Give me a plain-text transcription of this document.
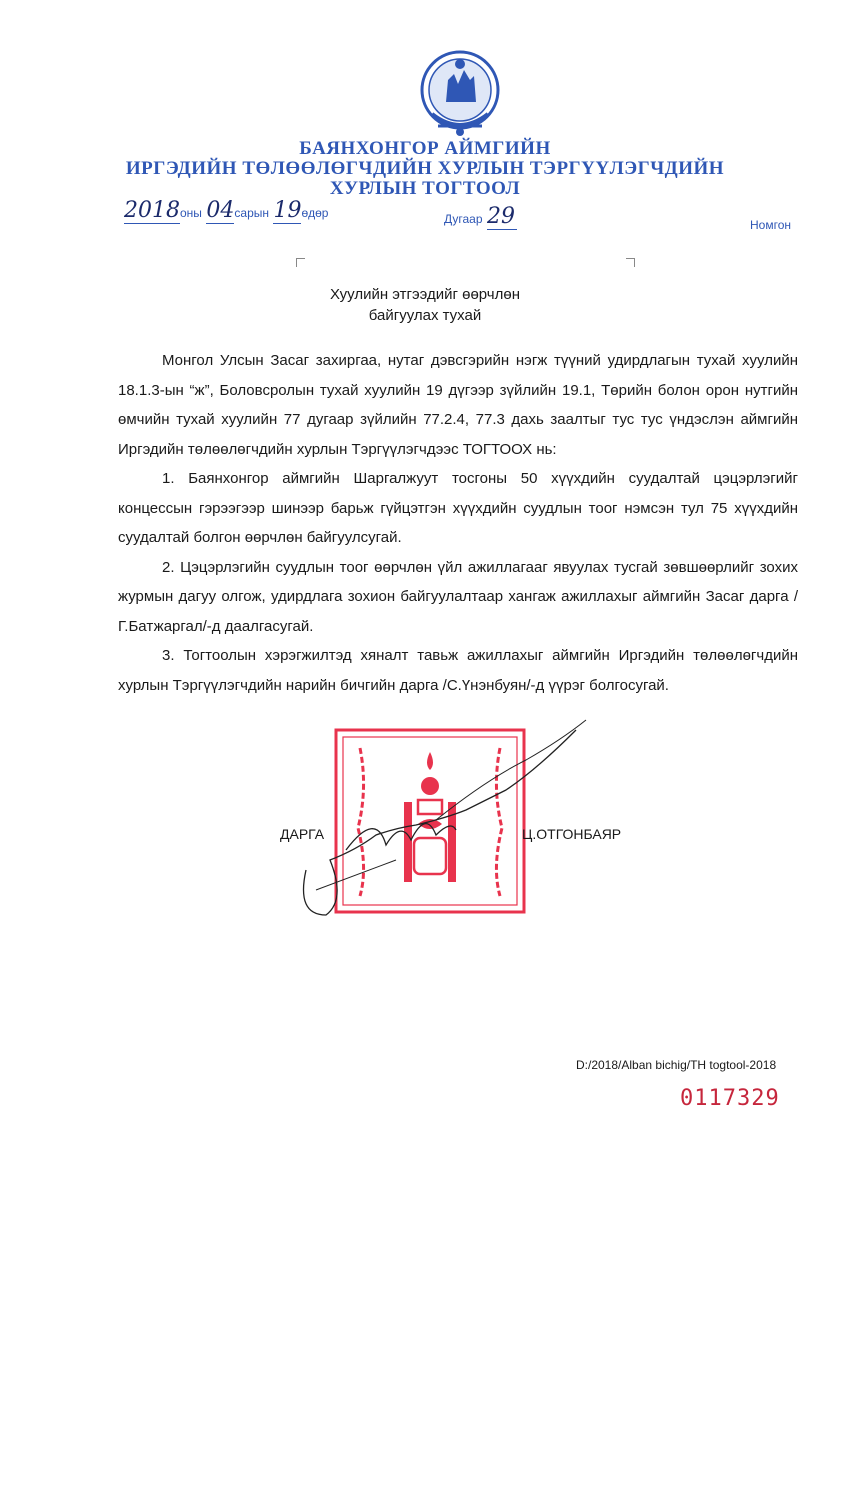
БАЯНХОНГОР АЙМГИЙН
ИРГЭДИЙН ТӨЛӨӨЛӨГЧДИЙН ХУРЛЫН ТЭРГҮҮЛЭГЧДИЙН
ХУРЛЫН ТОГТООЛ
2018оны 04сарын 19өдөр	Дугаар 29	Номгон
Хуулийн этгээдийг өөрчлөн
байгуулах тухай

Монгол Улсын Засаг захиргаа, нутаг дэвсгэрийн нэгж түүний удирдлагын тухай хуулийн 18.1.3-ын “ж”, Боловсролын тухай хуулийн 19 дүгээр зүйлийн 19.1, Төрийн болон орон нутгийн өмчийн тухай хуулийн 77 дугаар зүйлийн 77.2.4, 77.3 дахь заалтыг тус тус үндэслэн аймгийн Иргэдийн төлөөлөгчдийн хурлын Тэргүүлэгчдээс ТОГТООХ нь:

1. Баянхонгор аймгийн Шаргалжуут тосгоны 50 хүүхдийн суудалтай цэцэрлэгийг концессын гэрээгээр шинээр барьж гүйцэтгэн хүүхдийн суудлын тоог нэмсэн тул 75 хүүхдийн суудалтай болгон өөрчлөн байгуулсугай.

2. Цэцэрлэгийн суудлын тоог өөрчлөн үйл ажиллагааг явуулах тусгай зөвшөөрлийг зохих журмын дагуу олгож, удирдлага зохион байгуулалтаар хангаж ажиллахыг аймгийн Засаг дарга /Г.Батжаргал/-д даалгасугай.

3. Тогтоолын хэрэгжилтэд хяналт тавьж ажиллахыг аймгийн Иргэдийн төлөөлөгчдийн хурлын Тэргүүлэгчдийн нарийн бичгийн дарга /С.Үнэнбуян/-д үүрэг болгосугай.

ДАРГА	Ц.ОТГОНБАЯР
D:/2018/Alban bichig/TH togtool-2018
0117329
